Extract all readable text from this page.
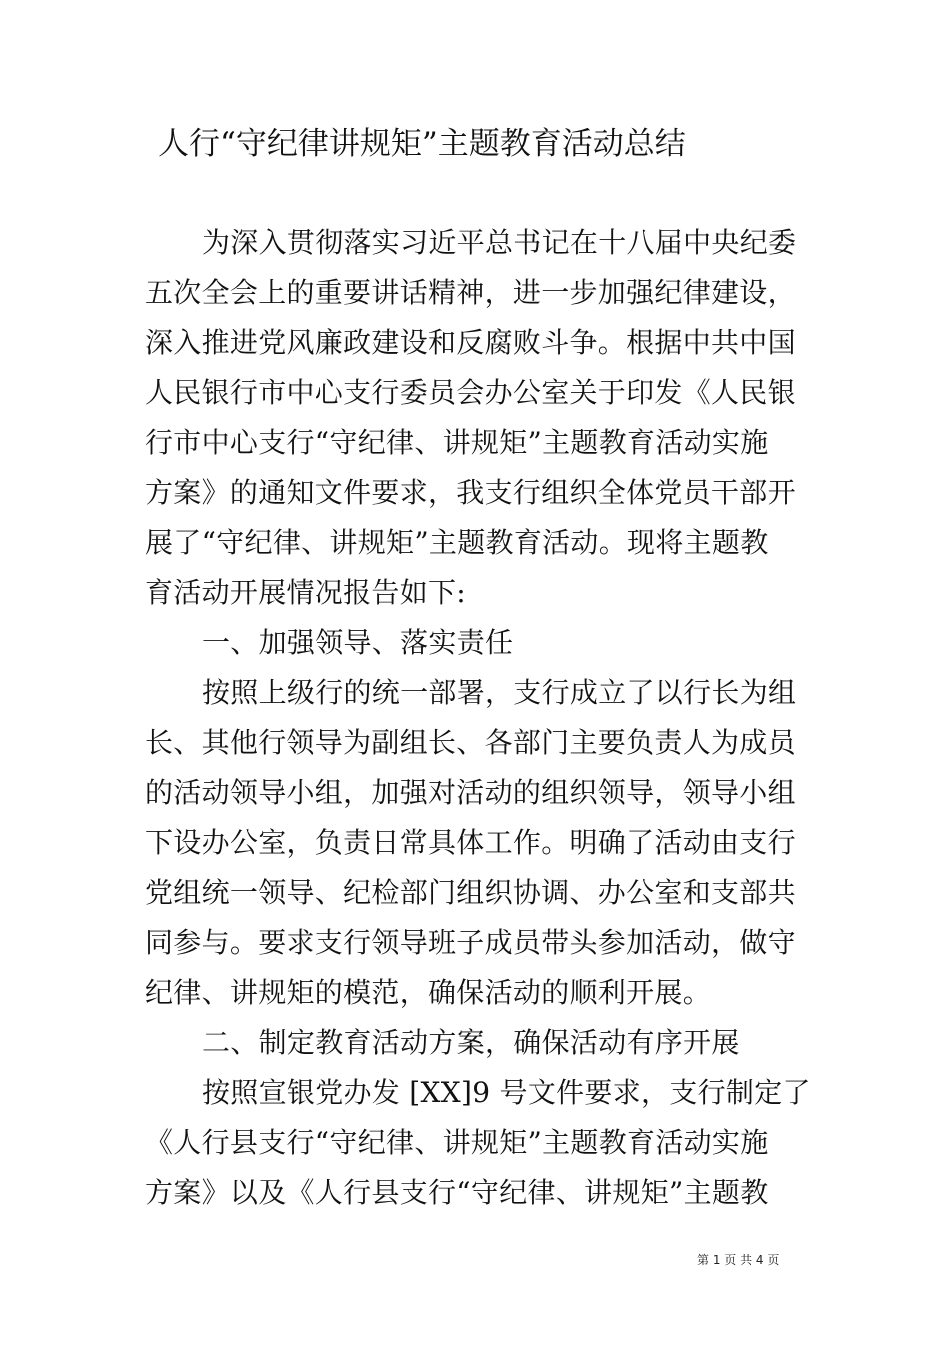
人行“守纪律讲规矩”主题教育活动总结
为深入贯彻落实习近平总书记在十八届中央纪委
五次全会上的重要讲话精神，进一步加强纪律建设，
深入推进党风廉政建设和反腐败斗争。根据中共中国
人民银行市中心支行委员会办公室关于印发《人民银
行市中心支行“守纪律、讲规矩”主题教育活动实施
方案》的通知文件要求，我支行组织全体党员干部开
展了“守纪律、讲规矩”主题教育活动。现将主题教
育活动开展情况报告如下:
一、加强领导、落实责任
按照上级行的统一部署，支行成立了以行长为组
长、其他行领导为副组长、各部门主要负责人为成员
的活动领导小组，加强对活动的组织领导，领导小组
下设办公室，负责日常具体工作。明确了活动由支行
党组统一领导、纪检部门组织协调、办公室和支部共
同参与。要求支行领导班子成员带头参加活动，做守
纪律、讲规矩的模范，确保活动的顺利开展。
二、制定教育活动方案，确保活动有序开展
按照宣银党办发 [XX]9 号文件要求，支行制定了
《人行县支行“守纪律、讲规矩”主题教育活动实施
方案》以及《人行县支行“守纪律、讲规矩”主题教
第 1 页 共 4 页
